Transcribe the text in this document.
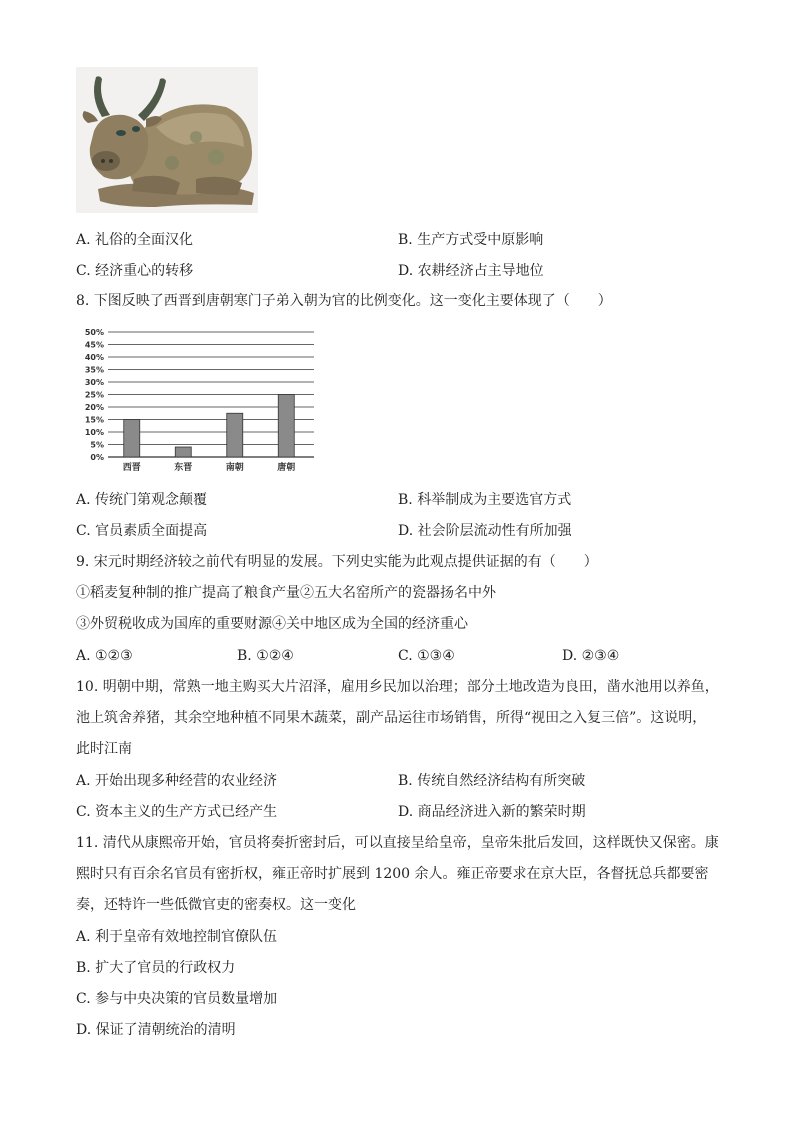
A. 礼俗的全面汉化	B. 生产方式受中原影响
C. 经济重心的转移	D. 农耕经济占主导地位
8. 下图反映了西晋到唐朝寒门子弟入朝为官的比例变化。这一变化主要体现了（　　）
0%
5%
10%
15%
20%
25%
30%
35%
40%
45%
50%
西晋	东晋	南朝	唐朝
A. 传统门第观念颠覆	B. 科举制成为主要选官方式
C. 官员素质全面提高	D. 社会阶层流动性有所加强
9. 宋元时期经济较之前代有明显的发展。下列史实能为此观点提供证据的有（　　）
①稻麦复种制的推广提高了粮食产量②五大名窑所产的瓷器扬名中外
③外贸税收成为国库的重要财源④关中地区成为全国的经济重心
A. ①②③	B. ①②④	C. ①③④	D. ②③④
10. 明朝中期，常熟一地主购买大片沼泽，雇用乡民加以治理；部分土地改造为良田，凿水池用以养鱼，
池上筑舍养猪，其余空地种植不同果木蔬菜，副产品运往市场销售，所得“视田之入复三倍”。这说明，
此时江南
A. 开始出现多种经营的农业经济	B. 传统自然经济结构有所突破
C. 资本主义的生产方式已经产生	D. 商品经济进入新的繁荣时期
11. 清代从康熙帝开始，官员将奏折密封后，可以直接呈给皇帝，皇帝朱批后发回，这样既快又保密。康
熙时只有百余名官员有密折权，雍正帝时扩展到 1200 余人。雍正帝要求在京大臣，各督抚总兵都要密
奏，还特许一些低微官吏的密奏权。这一变化
A. 利于皇帝有效地控制官僚队伍
B. 扩大了官员的行政权力
C. 参与中央决策的官员数量增加
D. 保证了清朝统治的清明
